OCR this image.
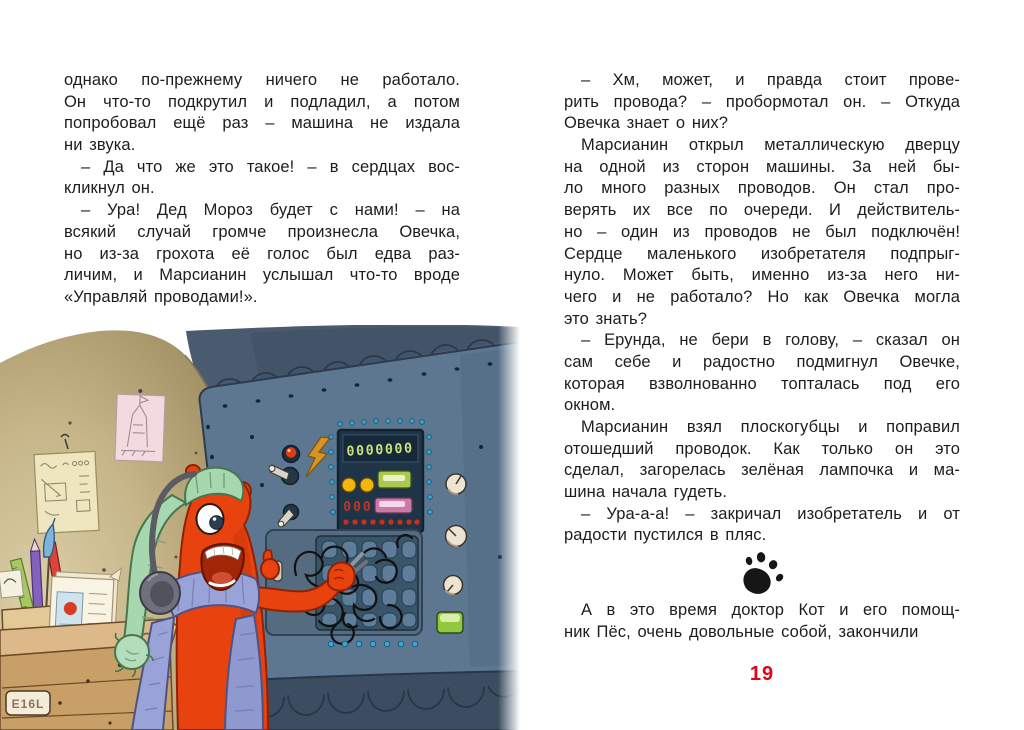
однако по-прежнему ничего не работало.
Он что-то подкрутил и подладил, а потом
попробовал ещё раз – машина не издала
ни звука.
– Да что же это такое! – в сердцах вос-
кликнул он.
– Ура! Дед Мороз будет с нами! – на
всякий случай громче произнесла Овечка,
но из-за грохота её голос был едва раз-
личим, и Марсианин услышал что-то вроде
«Управляй проводами!».
0000000
000
Е16L
– Хм, может, и правда стоит прове-
рить провода? – пробормотал он. – Откуда
Овечка знает о них?
Марсианин открыл металлическую дверцу
на одной из сторон машины. За ней бы-
ло много разных проводов. Он стал про-
верять их все по очереди. И действитель-
но – один из проводов не был подключён!
Сердце маленького изобретателя подпрыг-
нуло. Может быть, именно из-за него ни-
чего и не работало? Но как Овечка могла
это знать?
– Ерунда, не бери в голову, – сказал он
сам себе и радостно подмигнул Овечке,
которая взволнованно топталась под его
окном.
Марсианин взял плоскогубцы и поправил
отошедший проводок. Как только он это
сделал, загорелась зелёная лампочка и ма-
шина начала гудеть.
– Ура-а-а! – закричал изобретатель и от
радости пустился в пляс.
А в это время доктор Кот и его помощ-
ник Пёс, очень довольные собой, закончили
19
